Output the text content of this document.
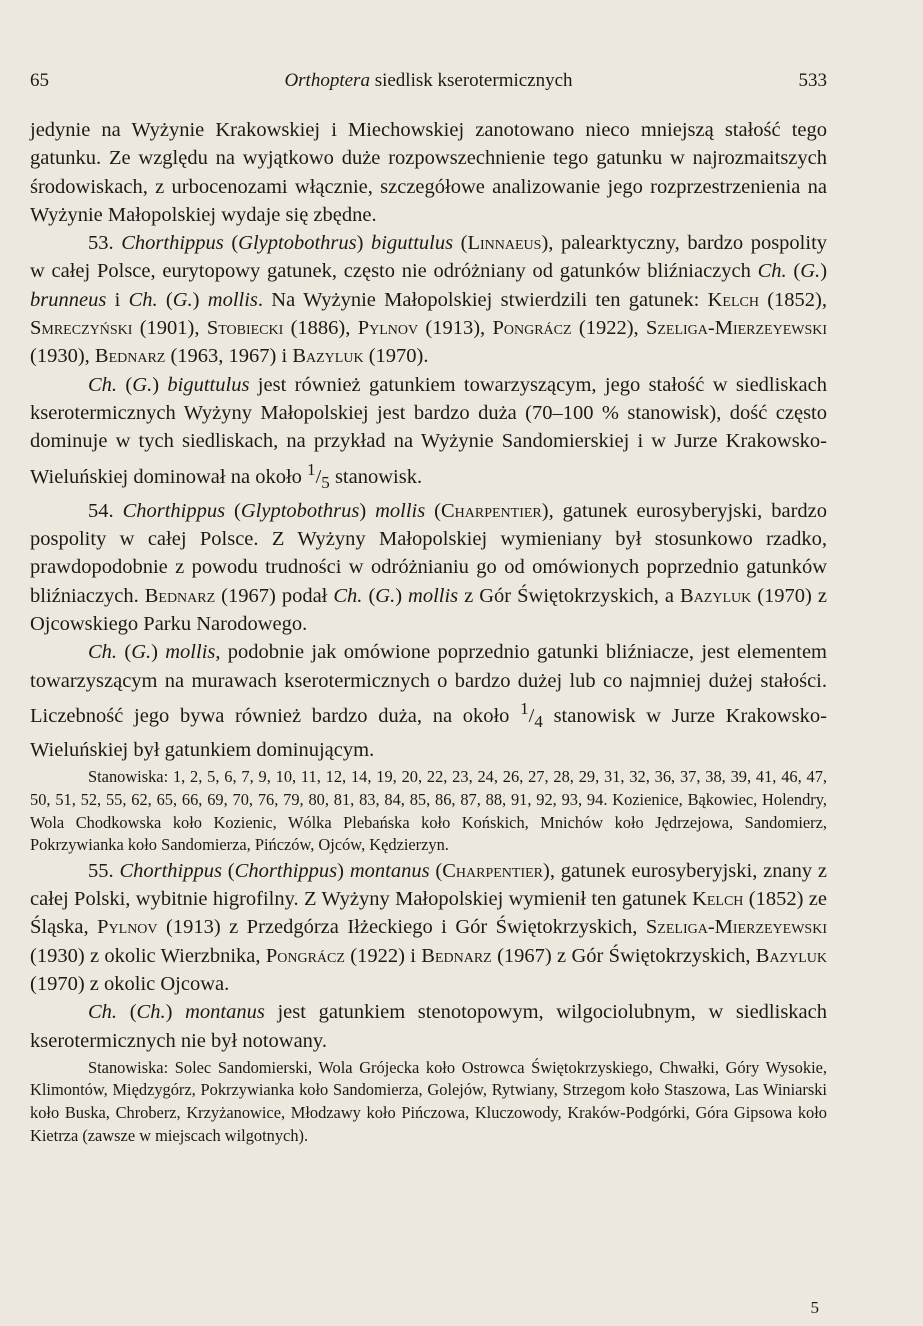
65	Orthoptera siedlisk kserotermicznych	533

jedynie na Wyżynie Krakowskiej i Miechowskiej zanotowano nieco mniejszą stałość tego gatunku. Ze względu na wyjątkowo duże rozpowszechnienie tego gatunku w najrozmaitszych środowiskach, z urbocenozami włącznie, szczegółowe analizowanie jego rozprzestrzenienia na Wyżynie Małopolskiej wydaje się zbędne.

53. Chorthippus (Glyptobothrus) biguttulus (Linnaeus), palearktyczny, bardzo pospolity w całej Polsce, eurytopowy gatunek, często nie odróżniany od gatunków bliźniaczych Ch. (G.) brunneus i Ch. (G.) mollis. Na Wyżynie Małopolskiej stwierdzili ten gatunek: Kelch (1852), Smreczyński (1901), Stobiecki (1886), Pylnov (1913), Pongrácz (1922), Szeliga-Mierzeyewski (1930), Bednarz (1963, 1967) i Bazyluk (1970).

Ch. (G.) biguttulus jest również gatunkiem towarzyszącym, jego stałość w siedliskach kserotermicznych Wyżyny Małopolskiej jest bardzo duża (70–100 % stanowisk), dość często dominuje w tych siedliskach, na przykład na Wyżynie Sandomierskiej i w Jurze Krakowsko-Wieluńskiej dominował na około $^1/_5$ stanowisk.

54. Chorthippus (Glyptobothrus) mollis (Charpentier), gatunek eurosyberyjski, bardzo pospolity w całej Polsce. Z Wyżyny Małopolskiej wymieniany był stosunkowo rzadko, prawdopodobnie z powodu trudności w odróżnianiu go od omówionych poprzednio gatunków bliźniaczych. Bednarz (1967) podał Ch. (G.) mollis z Gór Świętokrzyskich, a Bazyluk (1970) z Ojcowskiego Parku Narodowego.

Ch. (G.) mollis, podobnie jak omówione poprzednio gatunki bliźniacze, jest elementem towarzyszącym na murawach kserotermicznych o bardzo dużej lub co najmniej dużej stałości. Liczebność jego bywa również bardzo duża, na około $^1/_4$ stanowisk w Jurze Krakowsko-Wieluńskiej był gatunkiem dominującym.

Stanowiska: 1, 2, 5, 6, 7, 9, 10, 11, 12, 14, 19, 20, 22, 23, 24, 26, 27, 28, 29, 31, 32, 36, 37, 38, 39, 41, 46, 47, 50, 51, 52, 55, 62, 65, 66, 69, 70, 76, 79, 80, 81, 83, 84, 85, 86, 87, 88, 91, 92, 93, 94. Kozienice, Bąkowiec, Holendry, Wola Chodkowska koło Kozienic, Wólka Plebańska koło Końskich, Mnichów koło Jędrzejowa, Sandomierz, Pokrzywianka koło Sandomierza, Pińczów, Ojców, Kędzierzyn.

55. Chorthippus (Chorthippus) montanus (Charpentier), gatunek eurosyberyjski, znany z całej Polski, wybitnie higrofilny. Z Wyżyny Małopolskiej wymienił ten gatunek Kelch (1852) ze Śląska, Pylnov (1913) z Przedgórza Iłżeckiego i Gór Świętokrzyskich, Szeliga-Mierzeyewski (1930) z okolic Wierzbnika, Pongrácz (1922) i Bednarz (1967) z Gór Świętokrzyskich, Bazyluk (1970) z okolic Ojcowa.

Ch. (Ch.) montanus jest gatunkiem stenotopowym, wilgociolubnym, w siedliskach kserotermicznych nie był notowany.

Stanowiska: Solec Sandomierski, Wola Grójecka koło Ostrowca Świętokrzyskiego, Chwałki, Góry Wysokie, Klimontów, Międzygórz, Pokrzywianka koło Sandomierza, Golejów, Rytwiany, Strzegom koło Staszowa, Las Winiarski koło Buska, Chroberz, Krzyżanowice, Młodzawy koło Pińczowa, Kluczowody, Kraków-Podgórki, Góra Gipsowa koło Kietrza (zawsze w miejscach wilgotnych).

5
